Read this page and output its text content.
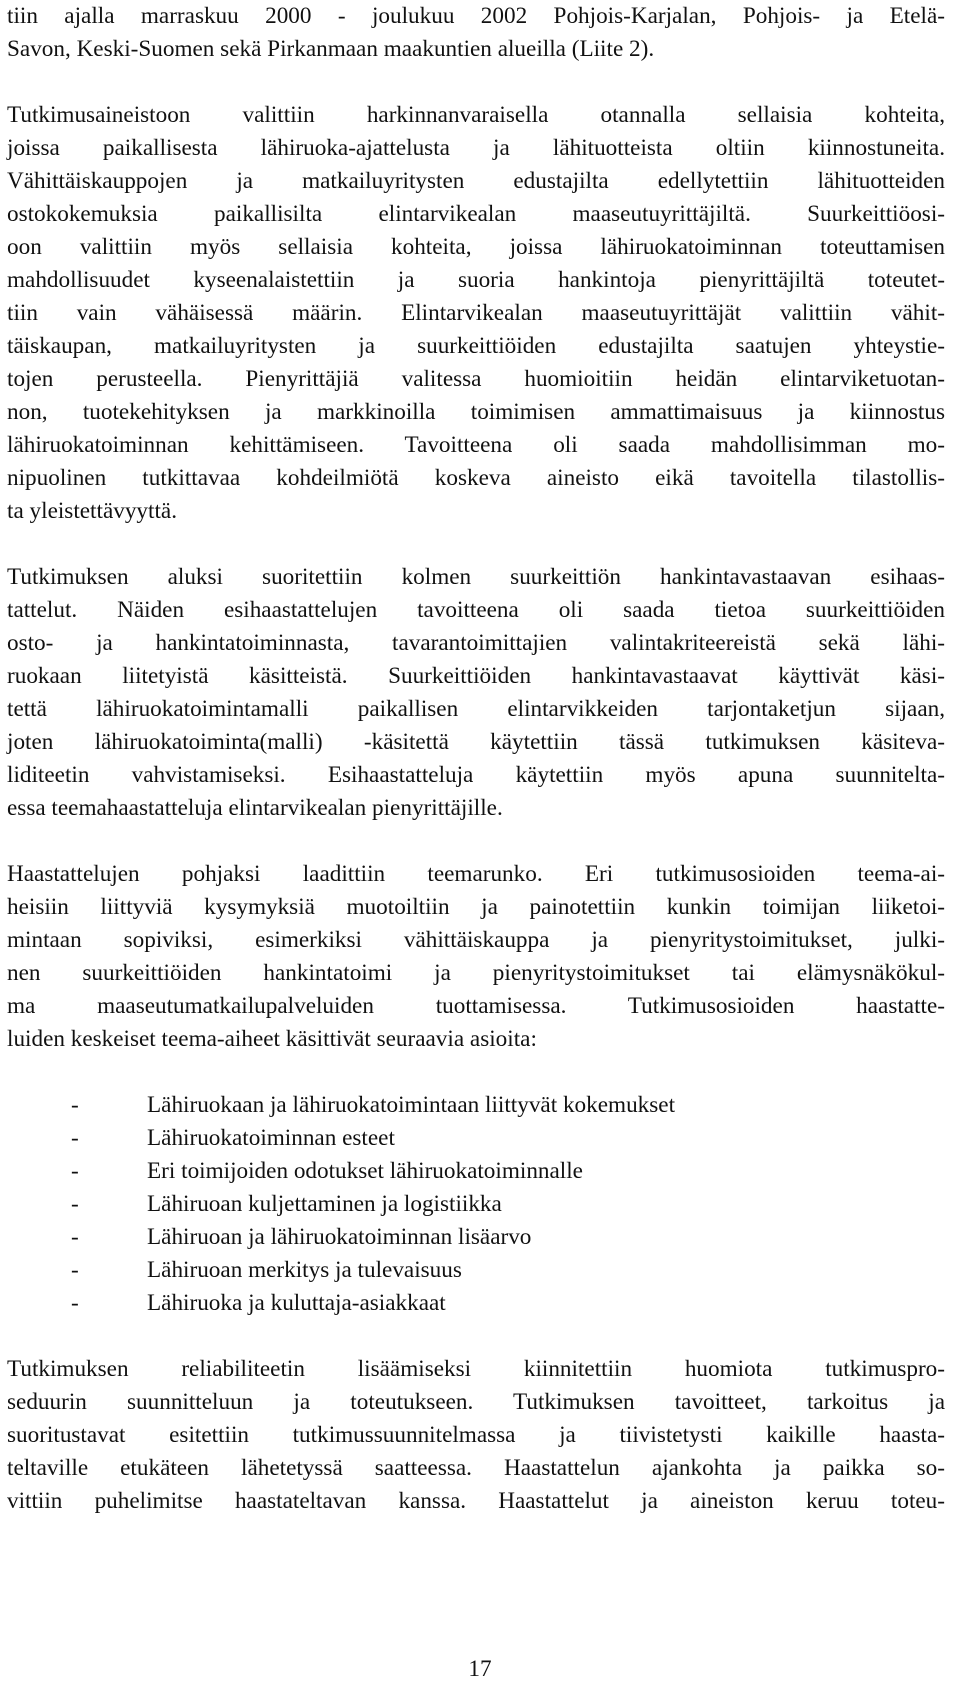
tiin ajalla marraskuu 2000 - joulukuu 2002 Pohjois-Karjalan, Pohjois- ja Etelä-
Savon, Keski-Suomen sekä Pirkanmaan maakuntien alueilla (Liite 2).
Tutkimusaineistoon valittiin harkinnanvaraisella otannalla sellaisia kohteita,
joissa paikallisesta lähiruoka-ajattelusta ja lähituotteista oltiin kiinnostuneita.
Vähittäiskauppojen ja matkailuyritysten edustajilta edellytettiin lähituotteiden
ostokokemuksia paikallisilta elintarvikealan maaseutuyrittäjiltä. Suurkeittiöosi-
oon valittiin myös sellaisia kohteita, joissa lähiruokatoiminnan toteuttamisen
mahdollisuudet kyseenalaistettiin ja suoria hankintoja pienyrittäjiltä toteutet-
tiin vain vähäisessä määrin. Elintarvikealan maaseutuyrittäjät valittiin vähit-
täiskaupan, matkailuyritysten ja suurkeittiöiden edustajilta saatujen yhteystie-
tojen perusteella. Pienyrittäjiä valitessa huomioitiin heidän elintarviketuotan-
non, tuotekehityksen ja markkinoilla toimimisen ammattimaisuus ja kiinnostus
lähiruokatoiminnan kehittämiseen. Tavoitteena oli saada mahdollisimman mo-
nipuolinen tutkittavaa kohdeilmiötä koskeva aineisto eikä tavoitella tilastollis-
ta yleistettävyyttä.
Tutkimuksen aluksi suoritettiin kolmen suurkeittiön hankintavastaavan esihaas-
tattelut. Näiden esihaastattelujen tavoitteena oli saada tietoa suurkeittiöiden
osto- ja hankintatoiminnasta, tavarantoimittajien valintakriteereistä sekä lähi-
ruokaan liitetyistä käsitteistä. Suurkeittiöiden hankintavastaavat käyttivät käsi-
tettä lähiruokatoimintamalli paikallisen elintarvikkeiden tarjontaketjun sijaan,
joten lähiruokatoiminta(malli) -käsitettä käytettiin tässä tutkimuksen käsiteva-
liditeetin vahvistamiseksi. Esihaastatteluja käytettiin myös apuna suunnitelta-
essa teemahaastatteluja elintarvikealan pienyrittäjille.
Haastattelujen pohjaksi laadittiin teemarunko. Eri tutkimusosioiden teema-ai-
heisiin liittyviä kysymyksiä muotoiltiin ja painotettiin kunkin toimijan liiketoi-
mintaan sopiviksi, esimerkiksi vähittäiskauppa ja pienyritystoimitukset, julki-
nen suurkeittiöiden hankintatoimi ja pienyritystoimitukset tai elämysnäkökul-
ma maaseutumatkailupalveluiden tuottamisessa. Tutkimusosioiden haastatte-
luiden keskeiset teema-aiheet käsittivät seuraavia asioita:
-	Lähiruokaan ja lähiruokatoimintaan liittyvät kokemukset
-	Lähiruokatoiminnan esteet
-	Eri toimijoiden odotukset lähiruokatoiminnalle
-	Lähiruoan kuljettaminen ja logistiikka
-	Lähiruoan ja lähiruokatoiminnan lisäarvo
-	Lähiruoan merkitys ja tulevaisuus
-	Lähiruoka ja kuluttaja-asiakkaat
Tutkimuksen reliabiliteetin lisäämiseksi kiinnitettiin huomiota tutkimuspro-
seduurin suunnitteluun ja toteutukseen. Tutkimuksen tavoitteet, tarkoitus ja
suoritustavat esitettiin tutkimussuunnitelmassa ja tiivistetysti kaikille haasta-
teltaville etukäteen lähetetyssä saatteessa. Haastattelun ajankohta ja paikka so-
vittiin puhelimitse haastateltavan kanssa. Haastattelut ja aineiston keruu toteu-
17
